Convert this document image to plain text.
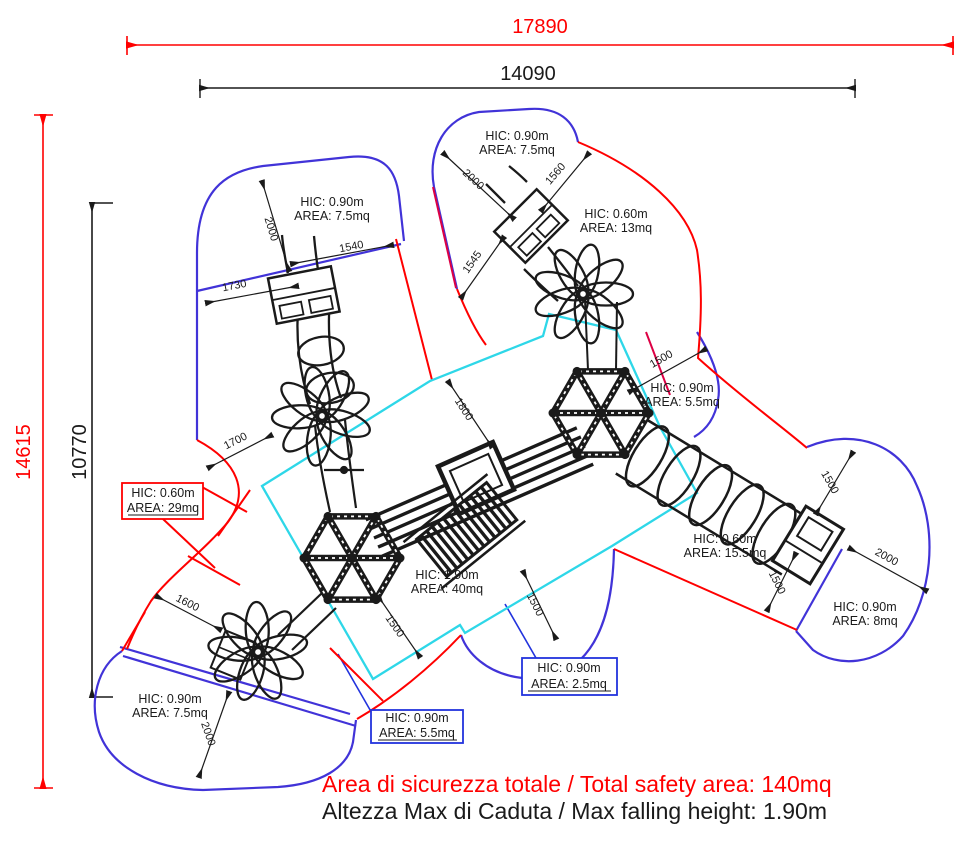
17890
14090
14615 10770
2000
1730
1540
2000	1560
1545
1500
1800
1500
2000
1500
1700
1600
1500
1500
2000
HIC: 0.90m
AREA: 7.5mq
HIC: 0.90m
AREA: 7.5mq
HIC: 0.60m
AREA: 13mq
HIC: 0.90m
AREA: 5.5mq
HIC: 0.60m
AREA: 15.5mq
HIC: 0.90m
AREA: 8mq
HIC: 1.90m
AREA: 40mq
HIC: 0.90m
AREA: 7.5mq
HIC: 0.60m
AREA: 29mq
HIC: 0.90m
AREA: 2.5mq
HIC: 0.90m
AREA: 5.5mq
Area di sicurezza totale / Total safety area: 140mq
Altezza Max di Caduta / Max falling height: 1.90m
